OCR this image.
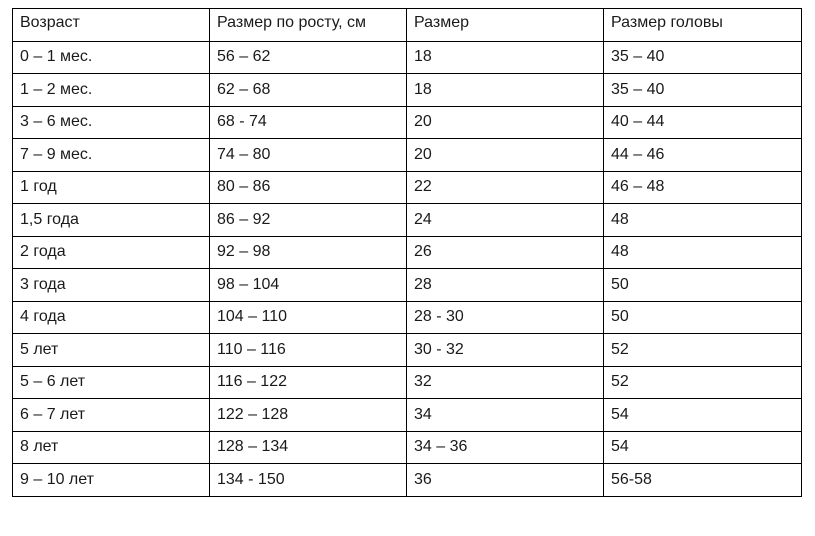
Возраст	Размер по росту, см	Размер	Размер головы
0 – 1 мес.	56 – 62	18	35 – 40
1 – 2 мес.	62 – 68	18	35 – 40
3 – 6 мес.	68 - 74	20	40 – 44
7 – 9 мес.	74 – 80	20	44 – 46
1 год	80 – 86	22	46 – 48
1,5 года	86 – 92	24	48
2 года	92 – 98	26	48
3 года	98 – 104	28	50
4 года	104 – 110	28 - 30	50
5 лет	110 – 116	30 - 32	52
5 – 6 лет	116 – 122	32	52
6 – 7 лет	122 – 128	34	54
8 лет	128 – 134	34 – 36	54
9 – 10 лет	134 - 150	36	56-58
